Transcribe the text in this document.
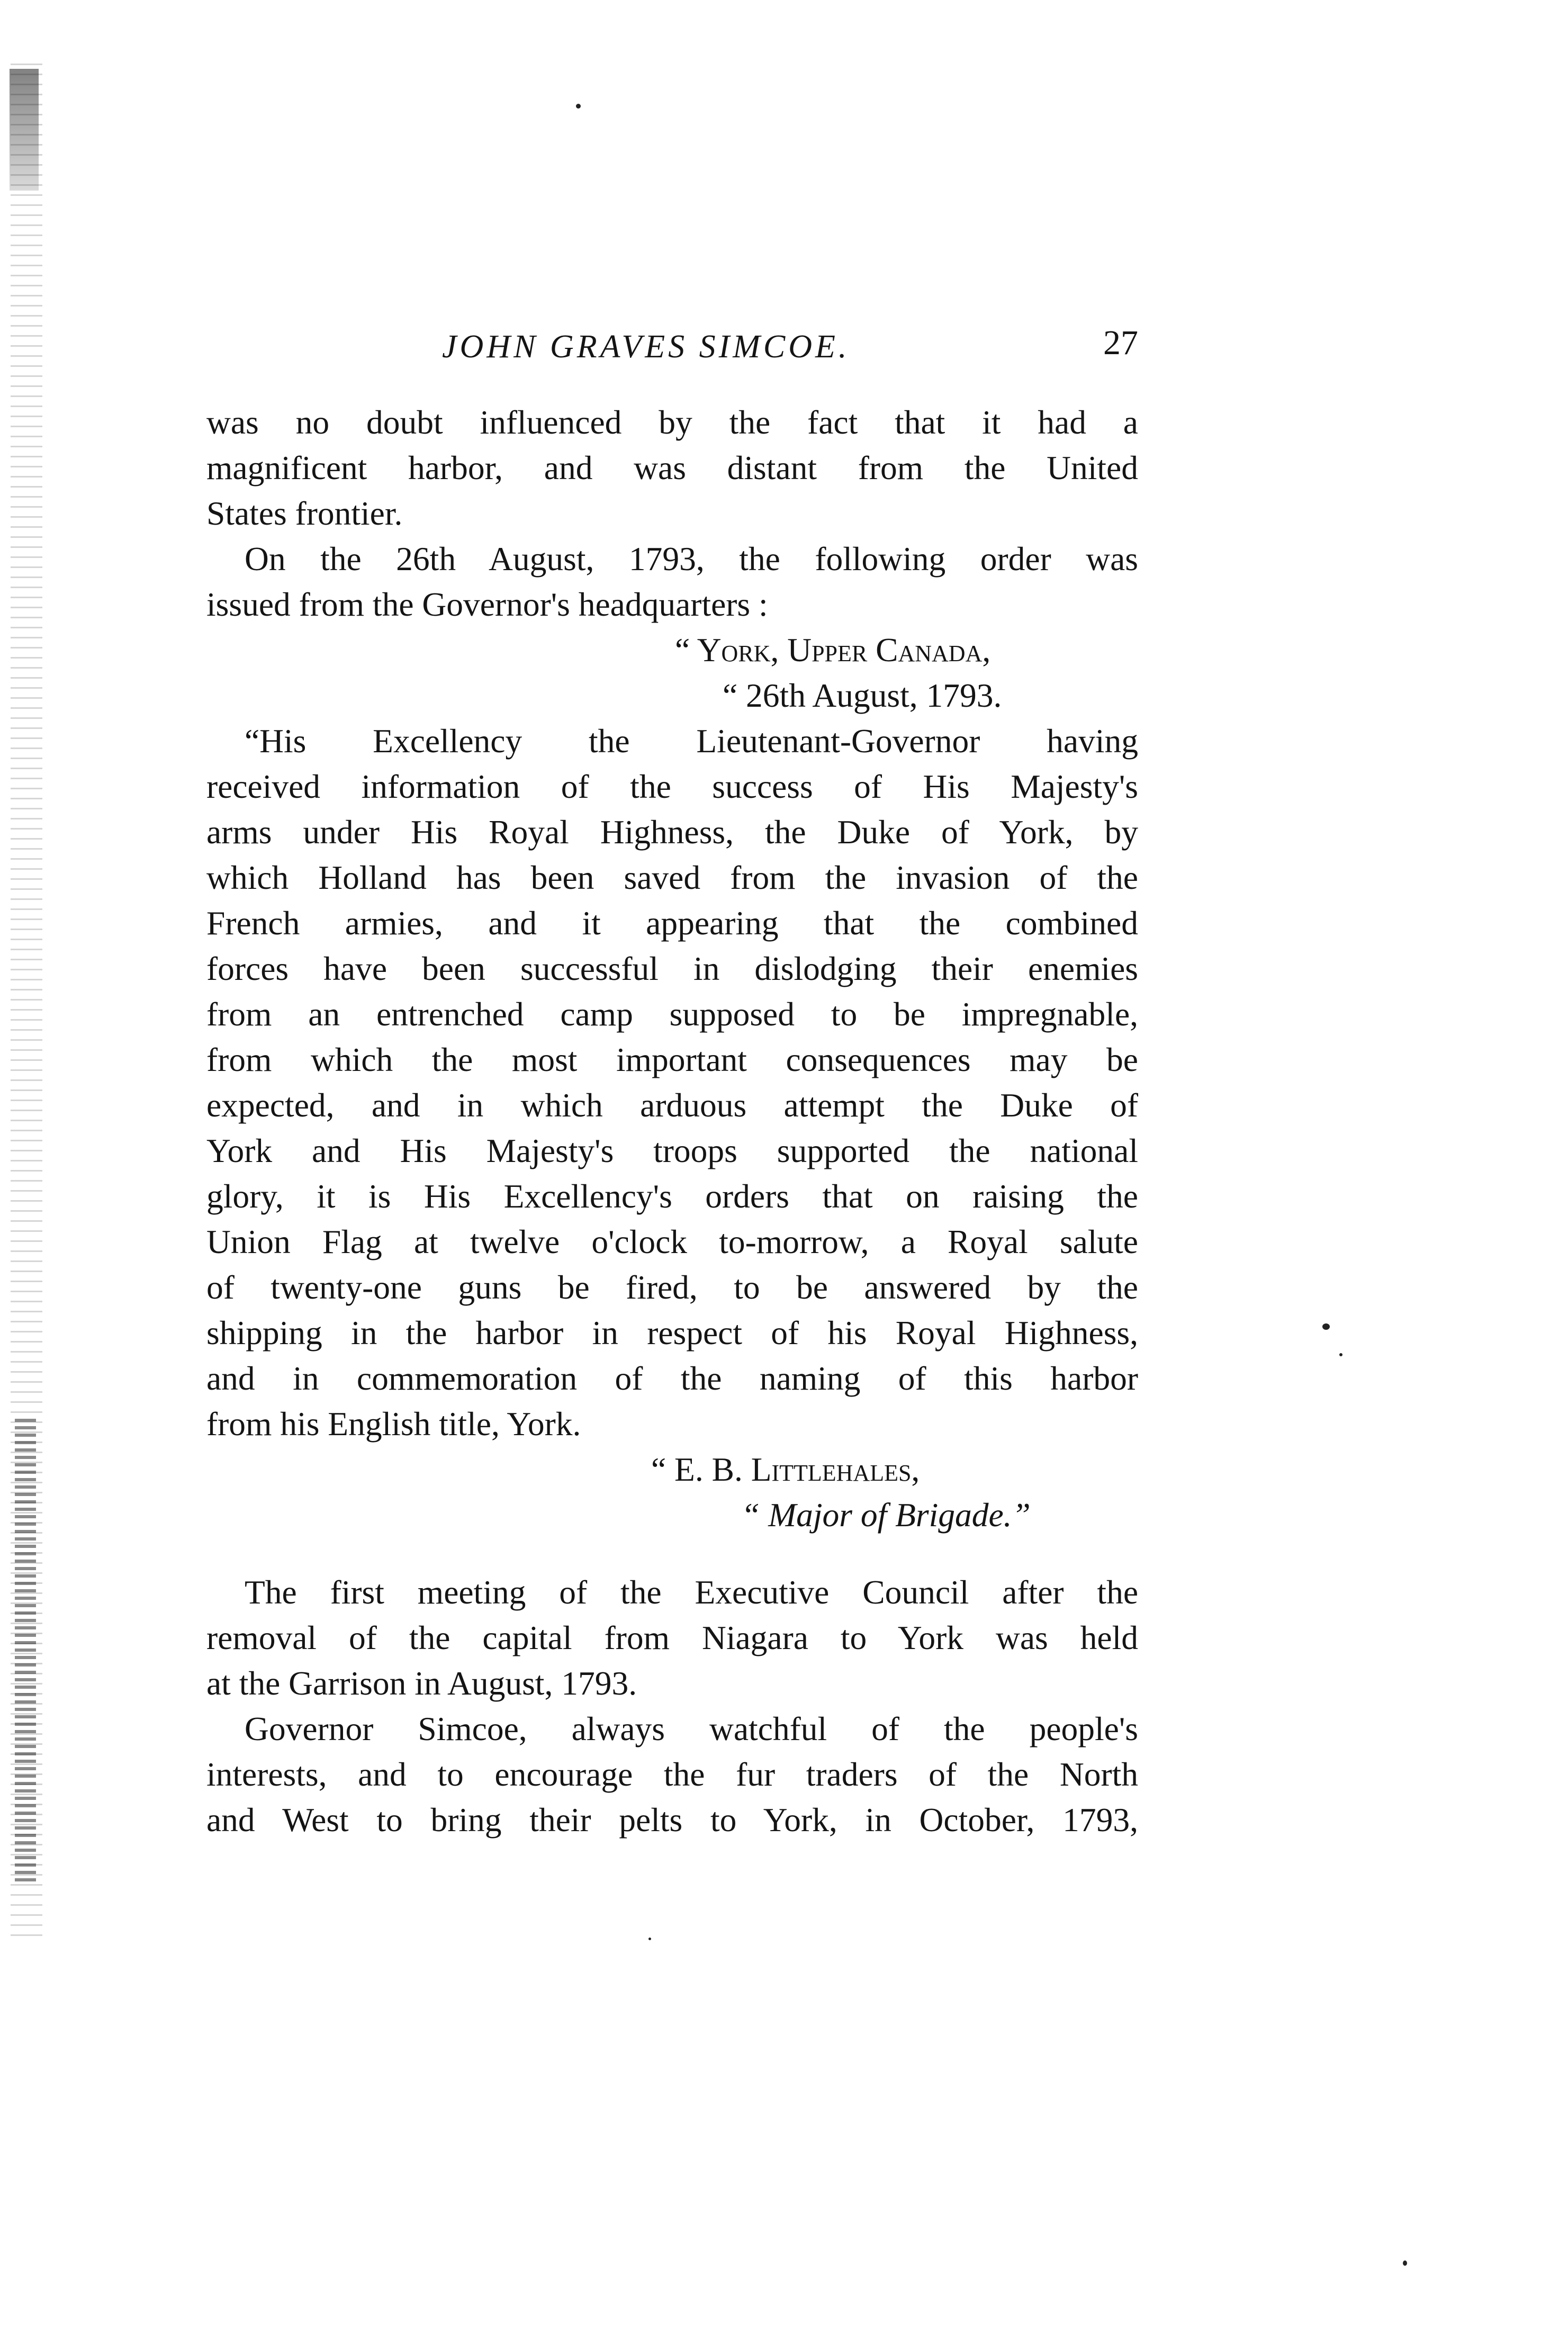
JOHN GRAVES SIMCOE.	27
was no doubt influenced by the fact that it had a
magnificent harbor, and was distant from the United
States frontier.
On the 26th August, 1793, the following order was
issued from the Governor's headquarters :
“ York, Upper Canada,
“ 26th August, 1793.
“His Excellency the Lieutenant-Governor having
received information of the success of His Majesty's
arms under His Royal Highness, the Duke of York, by
which Holland has been saved from the invasion of the
French armies, and it appearing that the combined
forces have been successful in dislodging their enemies
from an entrenched camp supposed to be impregnable,
from which the most important consequences may be
expected, and in which arduous attempt the Duke of
York and His Majesty's troops supported the national
glory, it is His Excellency's orders that on raising the
Union Flag at twelve o'clock to-morrow, a Royal salute
of twenty-one guns be fired, to be answered by the
shipping in the harbor in respect of his Royal Highness,
and in commemoration of the naming of this harbor
from his English title, York.
“ E. B. Littlehales,
“ Major of Brigade.”
The first meeting of the Executive Council after the
removal of the capital from Niagara to York was held
at the Garrison in August, 1793.
Governor Simcoe, always watchful of the people's
interests, and to encourage the fur traders of the North
and West to bring their pelts to York, in October, 1793,
